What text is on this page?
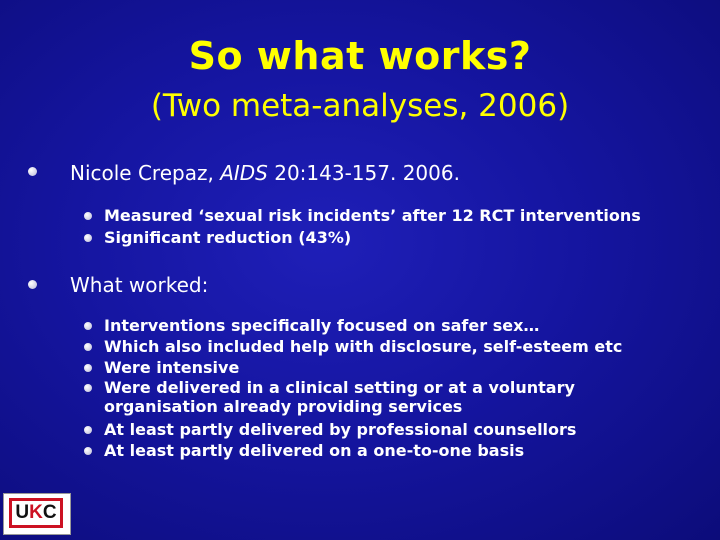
So what works?
(Two meta-analyses, 2006)
Nicole Crepaz, AIDS 20:143-157. 2006.
Measured ‘sexual risk incidents’ after 12 RCT interventions
Significant reduction (43%)
What worked:
Interventions specifically focused on safer sex…
Which also included help with disclosure, self-esteem etc
Were intensive
Were delivered in a clinical setting or at a voluntary organisation already providing services
At least partly delivered by professional counsellors
At least partly delivered on a one-to-one basis
U K C
